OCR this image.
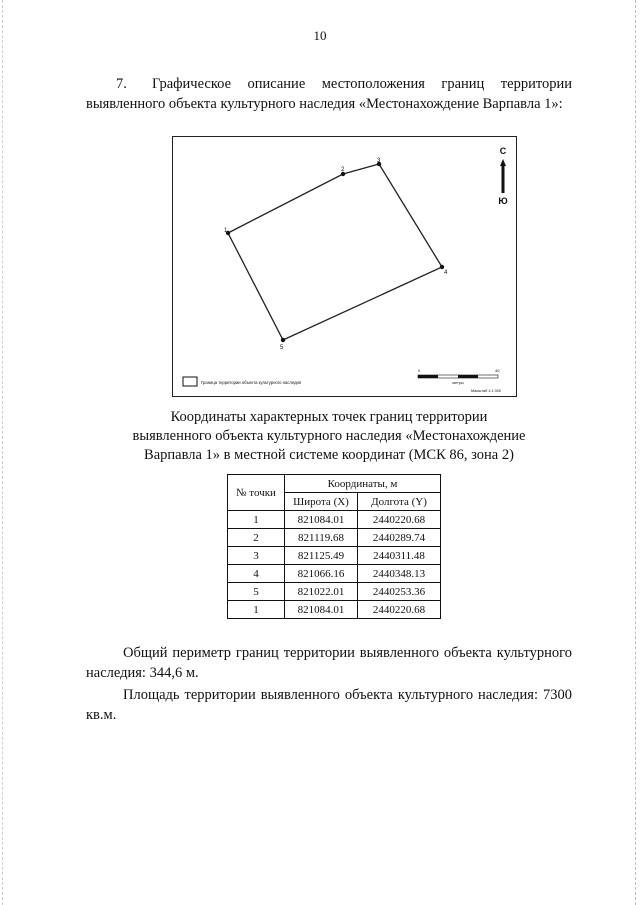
10
7. Графическое описание местоположения границ территории выявленного объекта культурного наследия «Местонахождение Варпавла 1»:
1
2
3
4
5
С
Ю
Граница территории объекта культурного наследия
0	40
метры
Масштаб 1:1 000
Координаты характерных точек границ территории
выявленного объекта культурного наследия «Местонахождение
Варпавла 1» в местной системе координат (МСК 86, зона 2)
№ точки	Координаты, м	
	Широта (X)	Долгота (Y)
1	821084.01	2440220.68
2	821119.68	2440289.74
3	821125.49	2440311.48
4	821066.16	2440348.13
5	821022.01	2440253.36
1	821084.01	2440220.68
Общий периметр границ территории выявленного объекта культурного наследия: 344,6 м.
Площадь территории выявленного объекта культурного наследия: 7300 кв.м.
